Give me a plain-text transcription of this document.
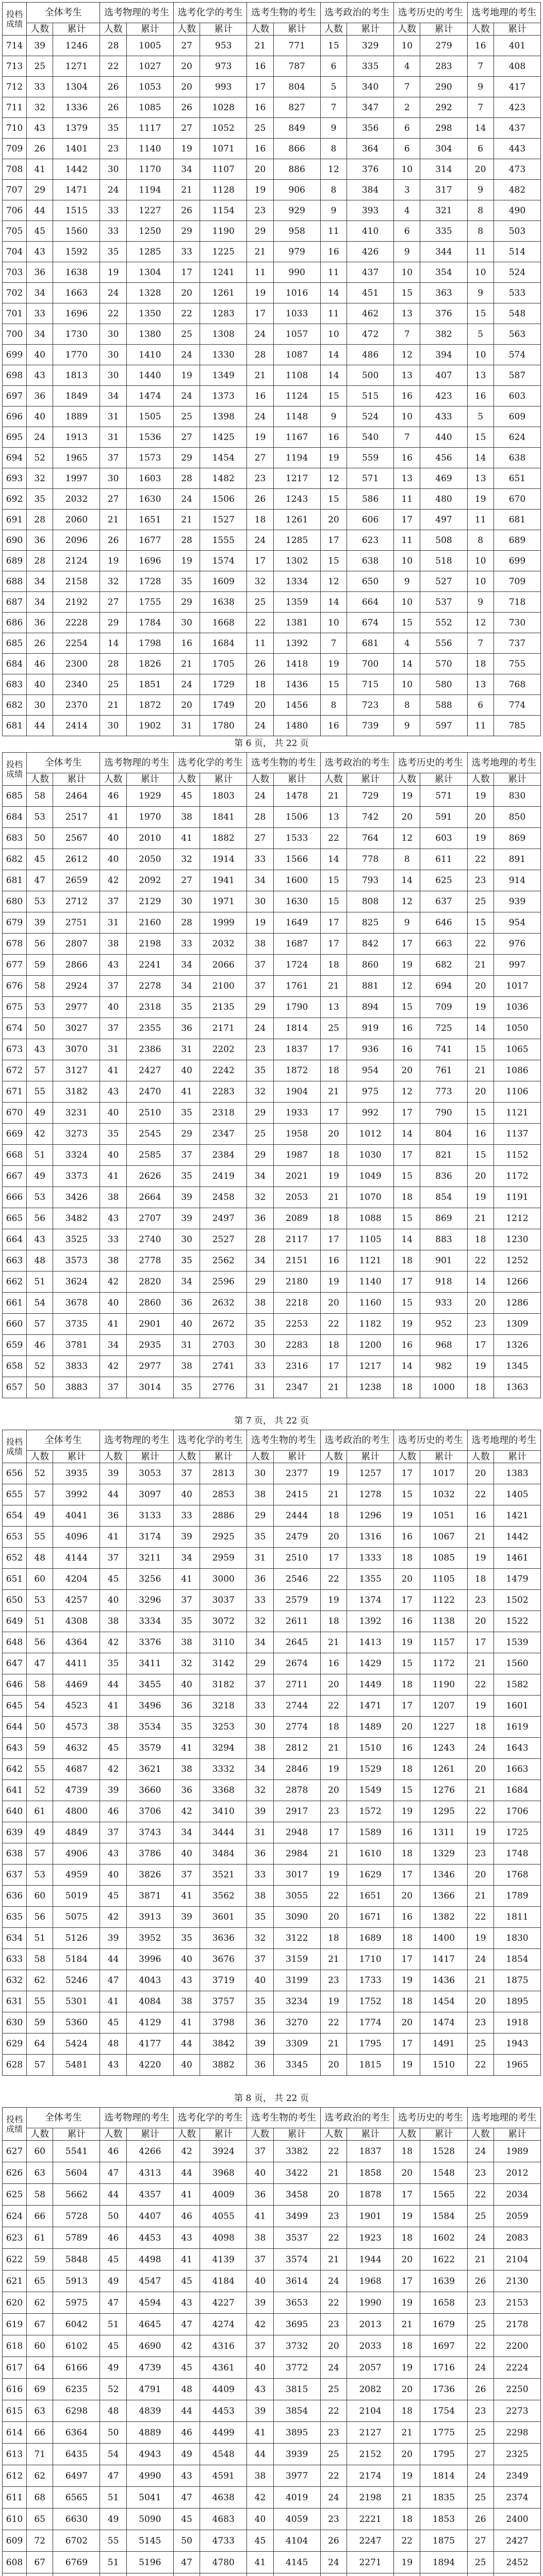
投档成绩	全体考生		选考物理的考生		选考化学的考生		选考生物的考生		选考政治的考生		选考历史的考生		选考地理的考生	
	人数	累计	人数	累计	人数	累计	人数	累计	人数	累计	人数	累计	人数	累计
714	39	1246	28	1005	27	953	21	771	15	329	10	279	16	401
713	25	1271	22	1027	20	973	16	787	6	335	4	283	7	408
712	33	1304	26	1053	20	993	17	804	5	340	7	290	9	417
711	32	1336	26	1085	26	1028	16	827	7	347	2	292	7	423
710	43	1379	35	1117	27	1052	25	849	9	356	6	298	14	437
709	26	1401	23	1140	19	1071	16	866	8	364	6	304	6	443
708	41	1442	30	1170	34	1107	20	886	12	376	10	314	20	473
707	29	1471	24	1194	21	1128	19	906	8	384	3	317	9	482
706	44	1515	33	1227	26	1154	23	929	9	393	4	321	8	490
705	45	1560	33	1250	29	1190	29	958	11	410	6	335	8	503
704	43	1592	35	1285	33	1225	21	979	16	426	9	344	11	514
703	36	1638	19	1304	17	1241	11	990	11	437	10	354	10	524
702	34	1663	24	1328	20	1261	19	1016	14	451	15	363	9	533
701	33	1696	22	1350	22	1283	17	1033	11	462	13	376	15	548
700	34	1730	30	1380	25	1308	24	1057	10	472	7	382	5	563
699	40	1770	30	1410	24	1330	28	1087	14	486	12	394	10	574
698	43	1813	30	1440	19	1349	21	1108	14	500	13	407	13	587
697	36	1849	34	1474	24	1373	16	1124	15	515	16	423	16	603
696	40	1889	31	1505	25	1398	24	1148	9	524	10	433	5	609
695	24	1913	31	1536	27	1425	19	1167	16	540	7	440	15	624
694	52	1965	37	1573	29	1454	27	1194	19	559	16	456	14	638
693	32	1997	30	1603	28	1482	23	1217	12	571	13	469	13	651
692	35	2032	27	1630	24	1506	26	1243	15	586	11	480	19	670
691	28	2060	21	1651	21	1527	18	1261	20	606	17	497	11	681
690	36	2096	26	1677	28	1555	24	1285	17	623	11	508	8	689
689	28	2124	19	1696	19	1574	17	1302	15	638	10	518	10	699
688	34	2158	32	1728	35	1609	32	1334	12	650	9	527	10	709
687	34	2192	27	1755	29	1638	25	1359	14	664	10	537	9	718
686	36	2228	29	1784	30	1668	22	1381	10	674	15	552	12	730
685	26	2254	14	1798	16	1684	11	1392	7	681	4	556	7	737
684	46	2300	28	1826	21	1705	26	1418	19	700	14	570	18	755
683	40	2340	25	1851	24	1729	18	1436	15	715	10	580	13	768
682	30	2370	21	1872	20	1749	20	1456	8	723	8	588	6	774
681	44	2414	30	1902	31	1780	24	1480	16	739	9	597	11	785
第 6 页， 共 22 页
投档成绩	全体考生		选考物理的考生		选考化学的考生		选考生物的考生		选考政治的考生		选考历史的考生		选考地理的考生	
	人数	累计	人数	累计	人数	累计	人数	累计	人数	累计	人数	累计	人数	累计
685	58	2464	46	1929	45	1803	24	1478	21	729	19	571	19	830
684	53	2517	41	1970	38	1841	28	1506	13	742	20	591	20	850
683	50	2567	40	2010	41	1882	27	1533	22	764	12	603	19	869
682	45	2612	40	2050	32	1914	33	1566	14	778	8	611	22	891
681	47	2659	42	2092	27	1941	34	1600	15	793	14	625	23	914
680	53	2712	37	2129	30	1971	30	1630	15	808	12	637	25	939
679	39	2751	31	2160	28	1999	19	1649	17	825	9	646	15	954
678	56	2807	38	2198	33	2032	38	1687	17	842	17	663	22	976
677	59	2866	43	2241	34	2066	37	1724	18	860	19	682	21	997
676	58	2924	37	2278	34	2100	37	1761	21	881	12	694	20	1017
675	53	2977	40	2318	35	2135	29	1790	13	894	15	709	19	1036
674	50	3027	37	2355	36	2171	24	1814	25	919	16	725	14	1050
673	43	3070	31	2386	31	2202	23	1837	17	936	16	741	15	1065
672	57	3127	41	2427	40	2242	35	1872	18	954	20	761	21	1086
671	55	3182	43	2470	41	2283	32	1904	21	975	12	773	20	1106
670	49	3231	40	2510	35	2318	29	1933	17	992	17	790	15	1121
669	42	3273	35	2545	29	2347	25	1958	20	1012	14	804	16	1137
668	51	3324	40	2585	37	2384	29	1987	18	1030	17	821	15	1152
667	49	3373	41	2626	35	2419	34	2021	19	1049	15	836	20	1172
666	53	3426	38	2664	39	2458	32	2053	21	1070	18	854	19	1191
665	56	3482	43	2707	39	2497	36	2089	18	1088	15	869	21	1212
664	43	3525	33	2740	30	2527	28	2117	17	1105	14	883	18	1230
663	48	3573	38	2778	35	2562	34	2151	16	1121	18	901	22	1252
662	51	3624	42	2820	34	2596	29	2180	19	1140	17	918	14	1266
661	54	3678	40	2860	36	2632	38	2218	20	1160	15	933	20	1286
660	57	3735	41	2901	40	2672	35	2253	22	1182	19	952	23	1309
659	46	3781	34	2935	31	2703	30	2283	18	1200	16	968	17	1326
658	52	3833	42	2977	38	2741	33	2316	17	1217	14	982	19	1345
657	50	3883	37	3014	35	2776	31	2347	21	1238	18	1000	18	1363
第 7 页， 共 22 页
投档成绩	全体考生		选考物理的考生		选考化学的考生		选考生物的考生		选考政治的考生		选考历史的考生		选考地理的考生	
	人数	累计	人数	累计	人数	累计	人数	累计	人数	累计	人数	累计	人数	累计
656	52	3935	39	3053	37	2813	30	2377	19	1257	17	1017	20	1383
655	57	3992	44	3097	40	2853	38	2415	21	1278	15	1032	22	1405
654	49	4041	36	3133	33	2886	29	2444	18	1296	19	1051	16	1421
653	55	4096	41	3174	39	2925	35	2479	20	1316	16	1067	21	1442
652	48	4144	37	3211	34	2959	31	2510	17	1333	18	1085	19	1461
651	60	4204	45	3256	41	3000	36	2546	22	1355	20	1105	18	1479
650	53	4257	40	3296	37	3037	33	2579	19	1374	17	1122	23	1502
649	51	4308	38	3334	35	3072	32	2611	18	1392	16	1138	20	1522
648	56	4364	42	3376	38	3110	34	2645	21	1413	19	1157	17	1539
647	47	4411	35	3411	32	3142	29	2674	16	1429	15	1172	21	1560
646	58	4469	44	3455	40	3182	37	2711	20	1449	18	1190	22	1582
645	54	4523	41	3496	36	3218	33	2744	22	1471	17	1207	19	1601
644	50	4573	38	3534	35	3253	30	2774	18	1489	20	1227	18	1619
643	59	4632	45	3579	41	3294	38	2812	21	1510	16	1243	24	1643
642	55	4687	42	3621	38	3332	34	2846	19	1529	18	1261	20	1663
641	52	4739	39	3660	36	3368	32	2878	20	1549	15	1276	21	1684
640	61	4800	46	3706	42	3410	39	2917	23	1572	19	1295	22	1706
639	49	4849	37	3743	34	3444	31	2948	17	1589	16	1311	19	1725
638	57	4906	43	3786	40	3484	36	2984	21	1610	18	1329	23	1748
637	53	4959	40	3826	37	3521	33	3017	19	1629	17	1346	20	1768
636	60	5019	45	3871	41	3562	38	3055	22	1651	20	1366	21	1789
635	56	5075	42	3913	39	3601	35	3090	20	1671	16	1382	22	1811
634	51	5126	39	3952	35	3636	32	3122	18	1689	18	1400	19	1830
633	58	5184	44	3996	40	3676	37	3159	21	1710	17	1417	24	1854
632	62	5246	47	4043	43	3719	40	3199	23	1733	19	1436	21	1875
631	55	5301	41	4084	38	3757	35	3234	19	1752	18	1454	20	1895
630	59	5360	45	4129	41	3798	36	3270	22	1774	20	1474	23	1918
629	64	5424	48	4177	44	3842	39	3309	21	1795	17	1491	25	1943
628	57	5481	43	4220	40	3882	36	3345	20	1815	19	1510	22	1965
第 8 页， 共 22 页
投档成绩	全体考生		选考物理的考生		选考化学的考生		选考生物的考生		选考政治的考生		选考历史的考生		选考地理的考生	
	人数	累计	人数	累计	人数	累计	人数	累计	人数	累计	人数	累计	人数	累计
627	60	5541	46	4266	42	3924	37	3382	22	1837	18	1528	24	1989
626	63	5604	47	4313	44	3968	40	3422	21	1858	20	1548	23	2012
625	58	5662	44	4357	41	4009	36	3458	20	1878	17	1565	22	2034
624	66	5728	50	4407	46	4055	41	3499	23	1901	19	1584	25	2059
623	61	5789	46	4453	43	4098	38	3537	22	1923	18	1602	24	2083
622	59	5848	45	4498	41	4139	37	3574	21	1944	20	1622	21	2104
621	65	5913	49	4547	45	4184	40	3614	24	1968	17	1639	26	2130
620	62	5975	47	4594	43	4227	39	3653	22	1990	19	1658	23	2153
619	67	6042	51	4645	47	4274	42	3695	23	2013	21	1679	25	2178
618	60	6102	45	4690	42	4316	37	3732	20	2033	18	1697	22	2200
617	64	6166	49	4739	45	4361	40	3772	24	2057	19	1716	24	2224
616	69	6235	52	4791	48	4409	43	3815	25	2082	20	1736	26	2250
615	63	6298	48	4839	44	4453	39	3854	22	2104	18	1754	23	2273
614	66	6364	50	4889	46	4499	41	3895	23	2127	21	1775	25	2298
613	71	6435	54	4943	49	4548	44	3939	25	2152	20	1795	27	2325
612	62	6497	47	4990	43	4591	38	3977	22	2174	19	1814	24	2349
611	68	6565	51	5041	47	4638	42	4019	24	2198	21	1835	25	2374
610	65	6630	49	5090	45	4683	40	4059	23	2221	18	1853	26	2400
609	72	6702	55	5145	50	4733	45	4104	26	2247	22	1875	27	2427
608	67	6769	51	5196	47	4780	41	4145	24	2271	19	1894	25	2452
